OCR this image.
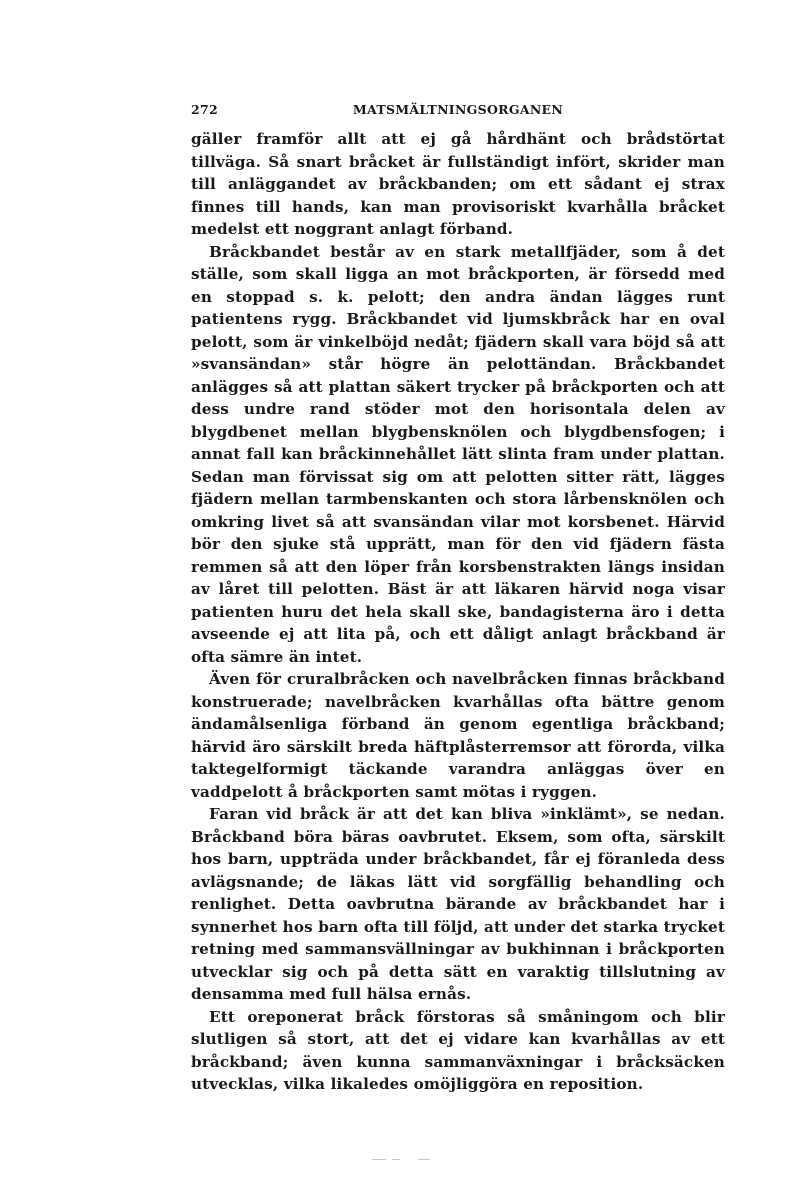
272	MATSMÄLTNINGSORGANEN

gäller framför allt att ej gå hårdhänt och brådstörtat tillväga. Så snart bråcket är fullständigt infört, skrider man till anläggandet av bråckbanden; om ett sådant ej strax finnes till hands, kan man provisoriskt kvarhålla bråcket medelst ett noggrant anlagt förband.

Bråckbandet består av en stark metallfjäder, som å det ställe, som skall ligga an mot bråckporten, är försedd med en stoppad s. k. pelott; den andra ändan lägges runt patientens rygg. Bråckbandet vid ljumskbråck har en oval pelott, som är vinkelböjd nedåt; fjädern skall vara böjd så att »svansändan» står högre än pelottändan. Bråckbandet anlägges så att plattan säkert trycker på bråckporten och att dess undre rand stöder mot den horisontala delen av blygdbenet mellan blygbensknölen och blygdbensfogen; i annat fall kan bråckinnehållet lätt slinta fram under plattan. Sedan man förvissat sig om att pelotten sitter rätt, lägges fjädern mellan tarmbenskanten och stora lårbensknölen och omkring livet så att svansändan vilar mot korsbenet. Härvid bör den sjuke stå upprätt, man för den vid fjädern fästa remmen så att den löper från korsbenstrakten längs insidan av låret till pelotten. Bäst är att läkaren härvid noga visar patienten huru det hela skall ske, bandagisterna äro i detta avseende ej att lita på, och ett dåligt anlagt bråckband är ofta sämre än intet.

Även för cruralbråcken och navelbråcken finnas bråckband konstruerade; navelbråcken kvarhållas ofta bättre genom ändamålsenliga förband än genom egentliga bråckband; härvid äro särskilt breda häftplåsterremsor att förorda, vilka taktegelformigt täckande varandra anläggas över en vaddpelott å bråckporten samt mötas i ryggen.

Faran vid bråck är att det kan bliva »inklämt», se nedan. Bråckband böra bäras oavbrutet. Eksem, som ofta, särskilt hos barn, uppträda under bråckbandet, får ej föranleda dess avlägsnande; de läkas lätt vid sorgfällig behandling och renlighet. Detta oavbrutna bärande av bråckbandet har i synnerhet hos barn ofta till följd, att under det starka trycket retning med sammansvällningar av bukhinnan i bråckporten utvecklar sig och på detta sätt en varaktig tillslutning av densamma med full hälsa ernås.

Ett oreponerat bråck förstoras så småningom och blir slutligen så stort, att det ej vidare kan kvarhållas av ett bråckband; även kunna sammanväxningar i bråcksäcken utvecklas, vilka likaledes omöjliggöra en reposition.
